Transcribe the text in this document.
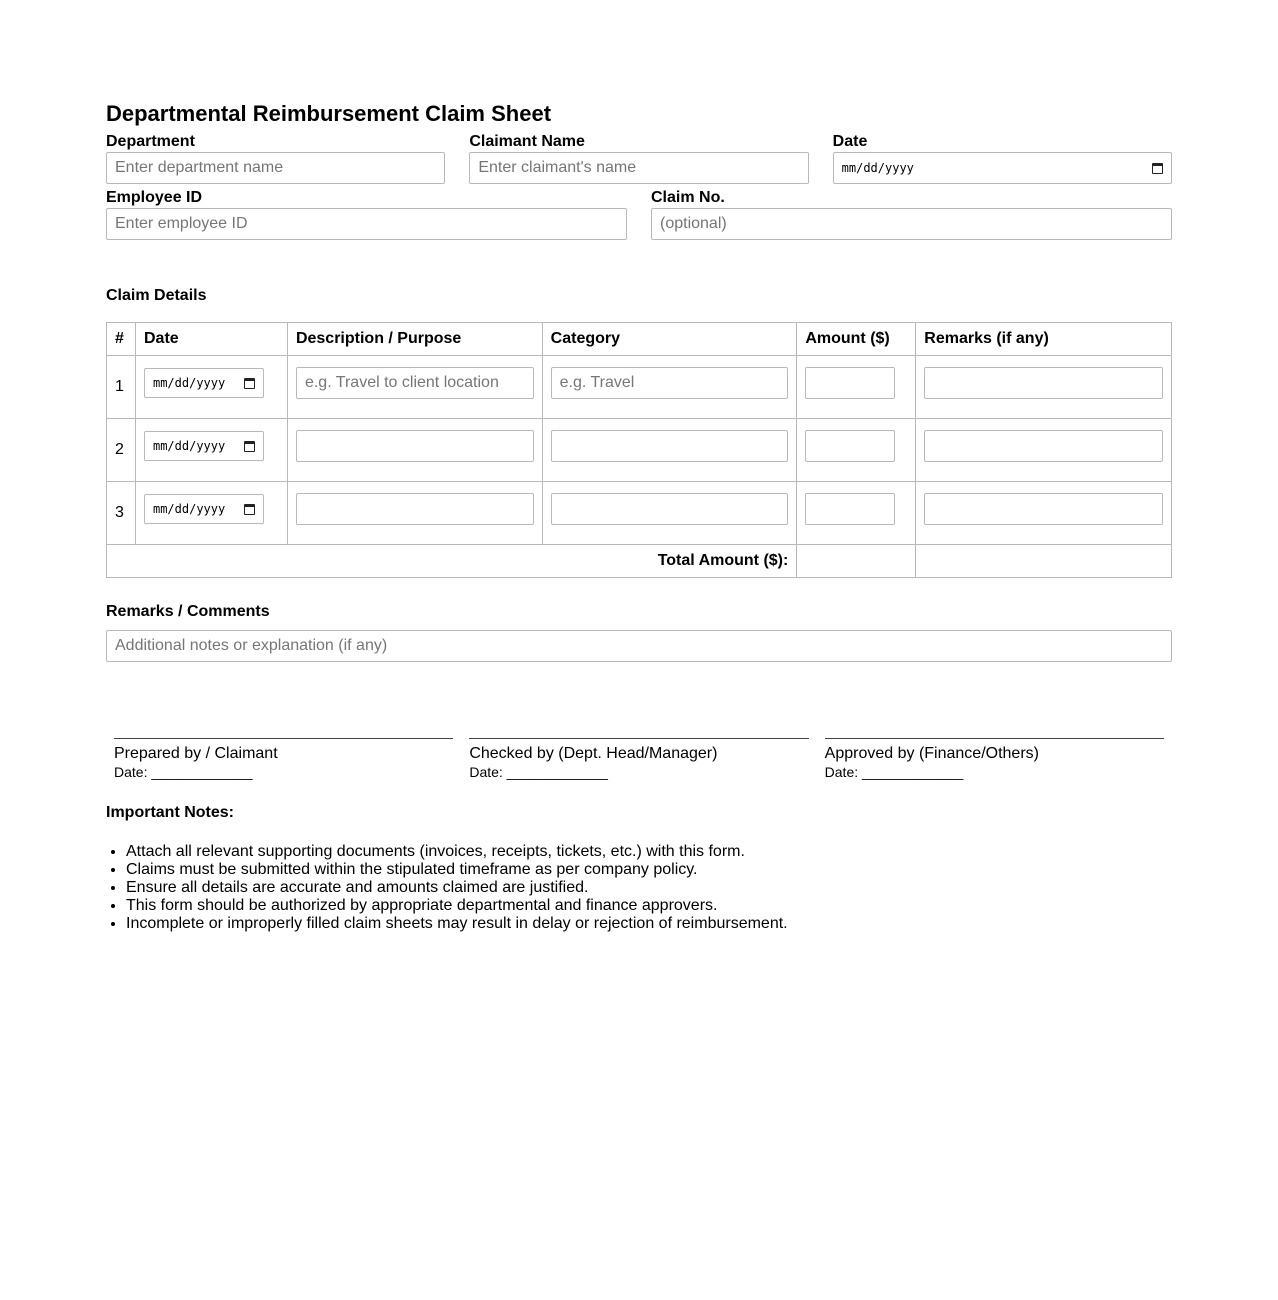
Departmental Reimbursement Claim Sheet
Department
Enter department name
Claimant Name
Enter claimant's name
Date
mm/dd/yyyy
Employee ID
Enter employee ID
Claim No.
(optional)
Claim Details
#	Date	Description / Purpose	Category	Amount ($)	Remarks (if any)
1	mm/dd/yyyy	e.g. Travel to client location	e.g. Travel		

2	mm/dd/yyyy				

3	mm/dd/yyyy				

Total Amount ($):					
Remarks / Comments
Additional notes or explanation (if any)
Prepared by / Claimant
Date: _____________
Checked by (Dept. Head/Manager)
Date: _____________
Approved by (Finance/Others)
Date: _____________
Important Notes:
• Attach all relevant supporting documents (invoices, receipts, tickets, etc.) with this form.
• Claims must be submitted within the stipulated timeframe as per company policy.
• Ensure all details are accurate and amounts claimed are justified.
• This form should be authorized by appropriate departmental and finance approvers.
• Incomplete or improperly filled claim sheets may result in delay or rejection of reimbursement.
